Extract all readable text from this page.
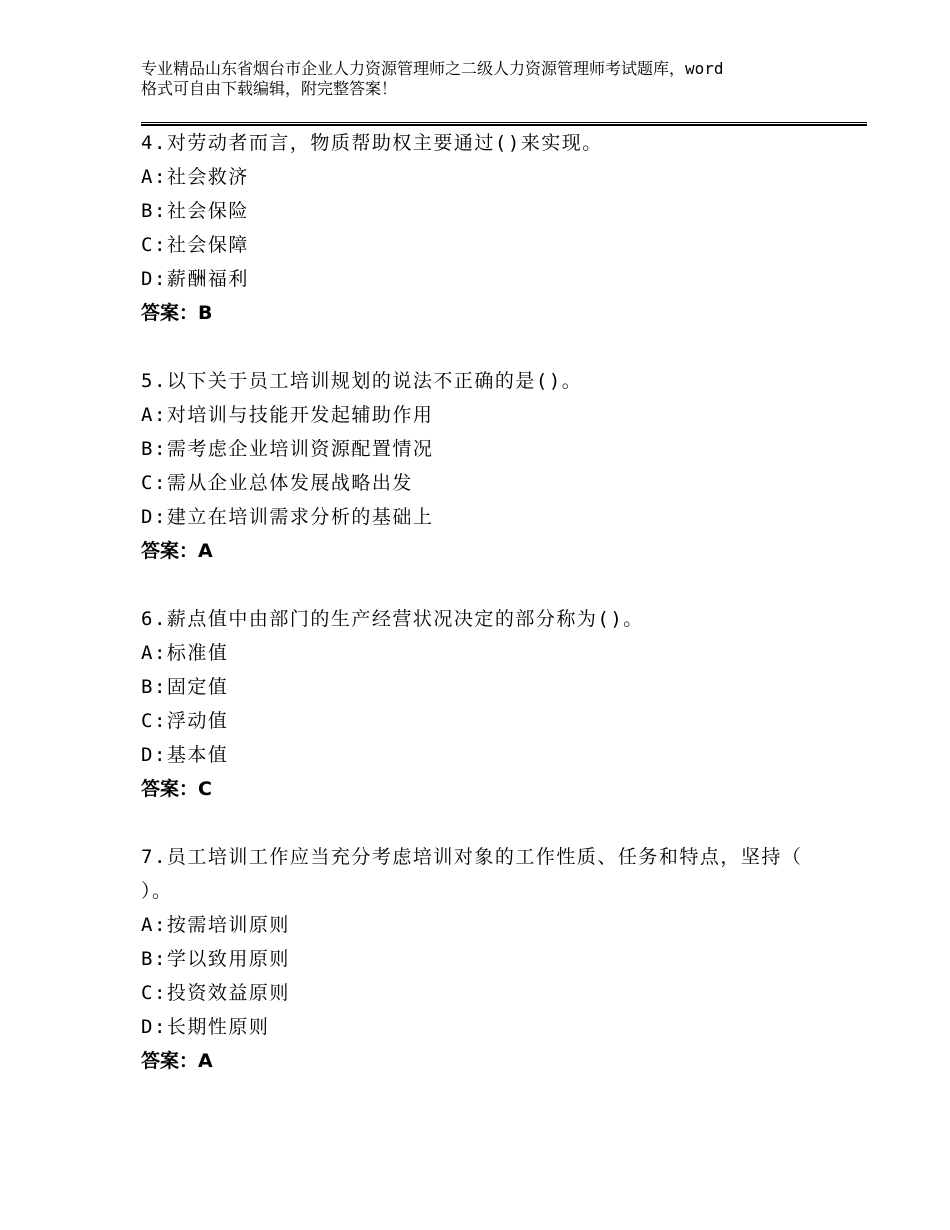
专业精品山东省烟台市企业人力资源管理师之二级人力资源管理师考试题库，word
格式可自由下载编辑，附完整答案！
4.对劳动者而言，物质帮助权主要通过()来实现。
A: 社会救济
B: 社会保险
C: 社会保障
D: 薪酬福利
答案：B
5.以下关于员工培训规划的说法不正确的是()。
A: 对培训与技能开发起辅助作用
B: 需考虑企业培训资源配置情况
C: 需从企业总体发展战略出发
D: 建立在培训需求分析的基础上
答案：A
6.薪点值中由部门的生产经营状况决定的部分称为()。
A: 标准值
B: 固定值
C: 浮动值
D: 基本值
答案：C
7.员工培训工作应当充分考虑培训对象的工作性质、任务和特点，坚持（ ）。
A: 按需培训原则
B: 学以致用原则
C: 投资效益原则
D: 长期性原则
答案：A
